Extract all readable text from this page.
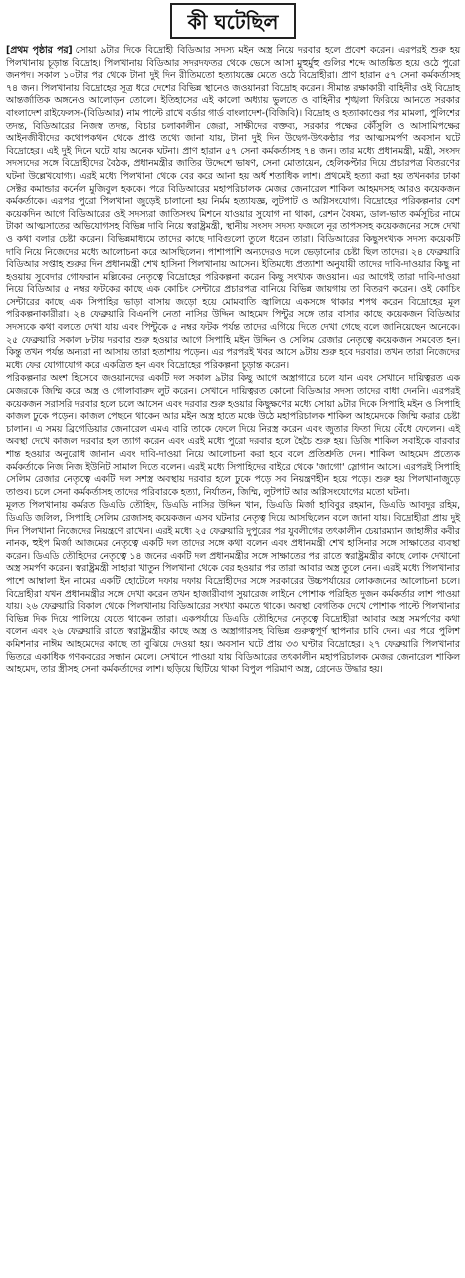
কী ঘটেছিল

[প্রথম পৃষ্ঠার পর] সোয়া ৯টার দিকে বিদ্রোহী বিডিআর সদস্য মইন অস্ত্র নিয়ে দরবার হলে প্রবেশ করেন। এরপরই শুরু হয় পিলখানায় চূড়ান্ত বিদ্রোহ। পিলখানায় বিডিআর সদরদফতর থেকে ভেসে আসা মুহুর্মুহু গুলির শব্দে আতঙ্কিত হয়ে ওঠে পুরো জনপদ। সকাল ১০টার পর থেকে টানা দুই দিন রীতিমতো হত্যাযজ্ঞে মেতে ওঠে বিদ্রোহীরা। প্রাণ হারান ৫৭ সেনা কর্মকর্তাসহ ৭৪ জন। পিলখানায় বিদ্রোহের সূত্র ধরে দেশের বিভিন্ন স্থানেও জওয়ানরা বিদ্রোহ করেন। সীমান্ত রক্ষাকারী বাহিনীর ওই বিদ্রোহ আন্তর্জাতিক অঙ্গনেও আলোড়ন তোলে। ইতিহাসের এই কালো অধ্যায় ভুলতে ও বাহিনীর শৃঙ্খলা ফিরিয়ে আনতে সরকার বাংলাদেশ রাইফেলস-(বিডিআর) নাম পাল্টে রাখে বর্ডার গার্ড বাংলাদেশ-(বিজিবি)। বিদ্রোহ ও হত্যাকাণ্ডের পর মামলা, পুলিশের তদন্ত, বিডিআরের নিজস্ব তদন্ত, বিচার চলাকালীন জেরা, সাক্ষীদের বক্তব্য, সরকার পক্ষের কৌঁসুলি ও আসামিপক্ষের আইনজীবীদের কথোপকথন থেকে প্রাপ্ত তথ্যে জানা যায়, টানা দুই দিন উদ্বেগ-উৎকণ্ঠার পর আত্মসমর্পণ অবসান ঘটে বিদ্রোহের। এই দুই দিনে ঘটে যায় অনেক ঘটনা। প্রাণ হারান ৫৭ সেনা কর্মকর্তাসহ ৭৪ জন। তার মধ্যে প্রধানমন্ত্রী, মন্ত্রী, সংসদ সদস্যদের সঙ্গে বিদ্রোহীদের বৈঠক, প্রধানমন্ত্রীর জাতির উদ্দেশে ভাষণ, সেনা মোতায়েন, হেলিকপ্টার দিয়ে প্রচারপত্র বিতরণের ঘটনা উল্লেখযোগ্য। এরই মধ্যে পিলখানা থেকে বের করে আনা হয় অর্ধ শতাধিক লাশ। প্রথমেই হত্যা করা হয় তখনকার ঢাকা সেক্টর কমান্ডার কর্নেল মুজিবুল হককে। পরে বিডিআরের মহাপরিচালক মেজর জেনারেল শাকিল আহমদসহ আরও কয়েকজন কর্মকর্তাকে। এরপর পুরো পিলখানা জুড়েই চালানো হয় নির্মম হত্যাযজ্ঞ, লুটপাট ও অগ্নিসংযোগ। বিদ্রোহের পরিকল্পনার বেশ কয়েকদিন আগে বিডিআরের ওই সদস্যরা জাতিসংঘ মিশনে যাওয়ার সুযোগ না থাকা, রেশন বৈষম্য, ডাল-ভাত কর্মসূচির নামে টাকা আত্মসাতের অভিযোগসহ বিভিন্ন দাবি নিয়ে স্বরাষ্ট্রমন্ত্রী, স্থানীয় সংসদ সদস্য ফজলে নূর তাপসসহ কয়েকজনের সঙ্গে দেখা ও কথা বলার চেষ্টা করেন। বিভিন্নমাধ্যমে তাদের কাছে দাবিগুলো তুলে ধরেন তারা। বিডিআরের কিছুসংখ্যক সদস্য কয়েকটি দাবি নিয়ে নিজেদের মধ্যে আলোচনা করে আসছিলেন। পাশাপাশি অন্যদেরও দলে ভেড়ানোর চেষ্টা ছিল তাদের। ২৪ ফেব্রুয়ারি বিডিআর সপ্তাহ শুরুর দিন প্রধানমন্ত্রী শেখ হাসিনা পিলখানায় আসেন। ইতিমধ্যে প্রত্যাশা অনুযায়ী তাদের দাবি-দাওয়ার কিছু না হওয়ায় সুবেদার গোফরান মল্লিকের নেতৃত্বে বিদ্রোহের পরিকল্পনা করেন কিছু সংখ্যক জওয়ান। এর আগেই তারা দাবি-দাওয়া নিয়ে বিডিআর ৫ নম্বর ফটকের কাছে এক কোচিং সেন্টারে প্রচারপত্র বানিয়ে বিভিন্ন জায়গায় তা বিতরণ করেন। ওই কোচিং সেন্টারের কাছে এক সিপাহির ভাড়া বাসায় জড়ো হয়ে মোমবাতি জ্বালিয়ে একসঙ্গে থাকার শপথ করেন বিদ্রোহের মূল পরিকল্পনাকারীরা। ২৪ ফেব্রুয়ারি বিএনপি নেতা নাসির উদ্দিন আহমেদ পিন্টুর সঙ্গে তার বাসার কাছে কয়েকজন বিডিআর সদস্যকে কথা বলতে দেখা যায় এবং পিন্টুকে ৫ নম্বর ফটক পর্যন্ত তাদের এগিয়ে দিতে দেখা গেছে বলে জানিয়েছেন অনেকে। ২৫ ফেব্রুয়ারি সকাল ৮টায় দরবার শুরু হওয়ার আগে সিপাহি মইন উদ্দিন ও সেলিম রেজার নেতৃত্বে কয়েকজন সমবেত হন। কিন্তু তখন পর্যন্ত অন্যরা না আসায় তারা হতাশায় পড়েন। এর পরপরই খবর আসে ৯টায় শুরু হবে দরবার। তখন তারা নিজেদের মধ্যে ফের যোগাযোগ করে একত্রিত হন এবং বিদ্রোহের পরিকল্পনা চূড়ান্ত করেন।

পরিকল্পনার অংশ হিসেবে জওয়ানদের একটি দল সকাল ৯টার কিছু আগে অস্ত্রাগারে চলে যান এবং সেখানে দায়িত্বরত এক মেজরকে জিম্মি করে অস্ত্র ও গোলাবারুদ লুট করেন। সেখানে দায়িত্বরত কোনো বিডিআর সদস্য তাদের বাধা দেননি। এরপরই কয়েকজন সরাসরি দরবার হলে চলে আসেন এবং দরবার শুরু হওয়ার কিছুক্ষণের মধ্যে সোয়া ৯টার দিকে সিপাহি মইন ও সিপাহি কাজল ঢুকে পড়েন। কাজল পেছনে থাকেন আর মইন অস্ত্র হাতে মঞ্চে উঠে মহাপরিচালক শাকিল আহমেদকে জিম্মি করার চেষ্টা চালান। এ সময় ব্রিগেডিয়ার জেনারেল এমএ বারি তাকে ফেলে দিয়ে নিরস্ত্র করেন এবং জুতার ফিতা দিয়ে বেঁধে ফেলেন। এই অবস্থা দেখে কাজল দরবার হল ত্যাগ করেন এবং এরই মধ্যে পুরো দরবার হলে হৈচৈ শুরু হয়। ডিজি শাকিল সবাইকে বারবার শান্ত হওয়ার অনুরোধ জানান এবং দাবি-দাওয়া নিয়ে আলোচনা করা হবে বলে প্রতিশ্রুতি দেন। শাকিল আহমেদ প্রত্যেক কর্মকর্তাকে নিজ নিজ ইউনিট সামাল দিতে বলেন। এরই মধ্যে সিপাহিদের বাইরে থেকে 'জাগো' স্লোগান আসে। এরপরই সিপাহি সেলিম রেজার নেতৃত্বে একটি দল সশস্ত্র অবস্থায় দরবার হলে ঢুকে পড়ে সব নিয়ন্ত্রণহীন হয়ে পড়ে। শুরু হয় পিলখানাজুড়ে তাণ্ডব। চলে সেনা কর্মকর্তাসহ তাদের পরিবারকে হত্যা, নির্যাতন, জিম্মি, লুটপাট আর অগ্নিসংযোগের মতো ঘটনা।

মূলত পিলখানায় কর্মরত ডিএডি তৌহিদ, ডিএডি নাসির উদ্দিন খান, ডিএডি মির্জা হাবিবুর রহমান, ডিএডি আবদুর রহিম, ডিএডি জলিল, সিপাহি সেলিম রেজাসহ কয়েকজন এসব ঘটনার নেতৃত্ব দিয়ে আসছিলেন বলে জানা যায়। বিদ্রোহীরা প্রায় দুই দিন পিলখানা নিজেদের নিয়ন্ত্রণে রাখেন। এরই মধ্যে ২৫ ফেব্রুয়ারি দুপুরের পর যুবলীগের তৎকালীন চেয়ারম্যান জাহাঙ্গীর কবীর নানক, হুইপ মির্জা আজমের নেতৃত্বে একটি দল তাদের সঙ্গে কথা বলেন এবং প্রধানমন্ত্রী শেখ হাসিনার সঙ্গে সাক্ষাতের ব্যবস্থা করেন। ডিএডি তৌহিদের নেতৃত্বে ১৪ জনের একটি দল প্রধানমন্ত্রীর সঙ্গে সাক্ষাতের পর রাতে স্বরাষ্ট্রমন্ত্রীর কাছে লোক দেখানো অস্ত্র সমর্পণ করেন। স্বরাষ্ট্রমন্ত্রী সাহারা খাতুন পিলখানা থেকে বের হওয়ার পর তারা আবার অস্ত্র তুলে নেন। এরই মধ্যে পিলখানার পাশে আম্বালা ইন নামের একটি হোটেলে দফায় দফায় বিদ্রোহীদের সঙ্গে সরকারের উচ্চপর্যায়ের লোকজনের আলোচনা চলে। বিদ্রোহীরা যখন প্রধানমন্ত্রীর সঙ্গে দেখা করেন তখন হাজারীবাগ সুয়ারেজ লাইনে পোশাক পরিহিত দুজন কর্মকর্তার লাশ পাওয়া যায়। ২৬ ফেব্রুয়ারি বিকাল থেকে পিলখানায় বিডিআরের সংখ্যা কমতে থাকে। অবস্থা বেগতিক দেখে পোশাক পাল্টে পিলখানার বিভিন্ন দিক দিয়ে পালিয়ে যেতে থাকেন তারা। একপর্যায়ে ডিএডি তৌহিদের নেতৃত্বে বিদ্রোহীরা আবার অস্ত্র সমর্পণের কথা বলেন এবং ২৬ ফেব্রুয়ারি রাতে স্বরাষ্ট্রমন্ত্রীর কাছে অস্ত্র ও অস্ত্রাগারসহ বিভিন্ন গুরুত্বপূর্ণ স্থাপনার চাবি দেন। এর পরে পুলিশ কমিশনার নাঈম আহমেদের কাছে তা বুঝিয়ে দেওয়া হয়। অবসান ঘটে প্রায় ৩৩ ঘণ্টার বিদ্রোহের। ২৭ ফেব্রুয়ারি পিলখানার ভিতরে একাধিক গণকবরের সন্ধান মেলে। সেখানে পাওয়া যায় বিডিআরের তৎকালীন মহাপরিচালক মেজর জেনারেল শাকিল আহমেদ, তার স্ত্রীসহ সেনা কর্মকর্তাদের লাশ। ছড়িয়ে ছিটিয়ে থাকা বিপুল পরিমাণ অস্ত্র, গ্রেনেড উদ্ধার হয়।
